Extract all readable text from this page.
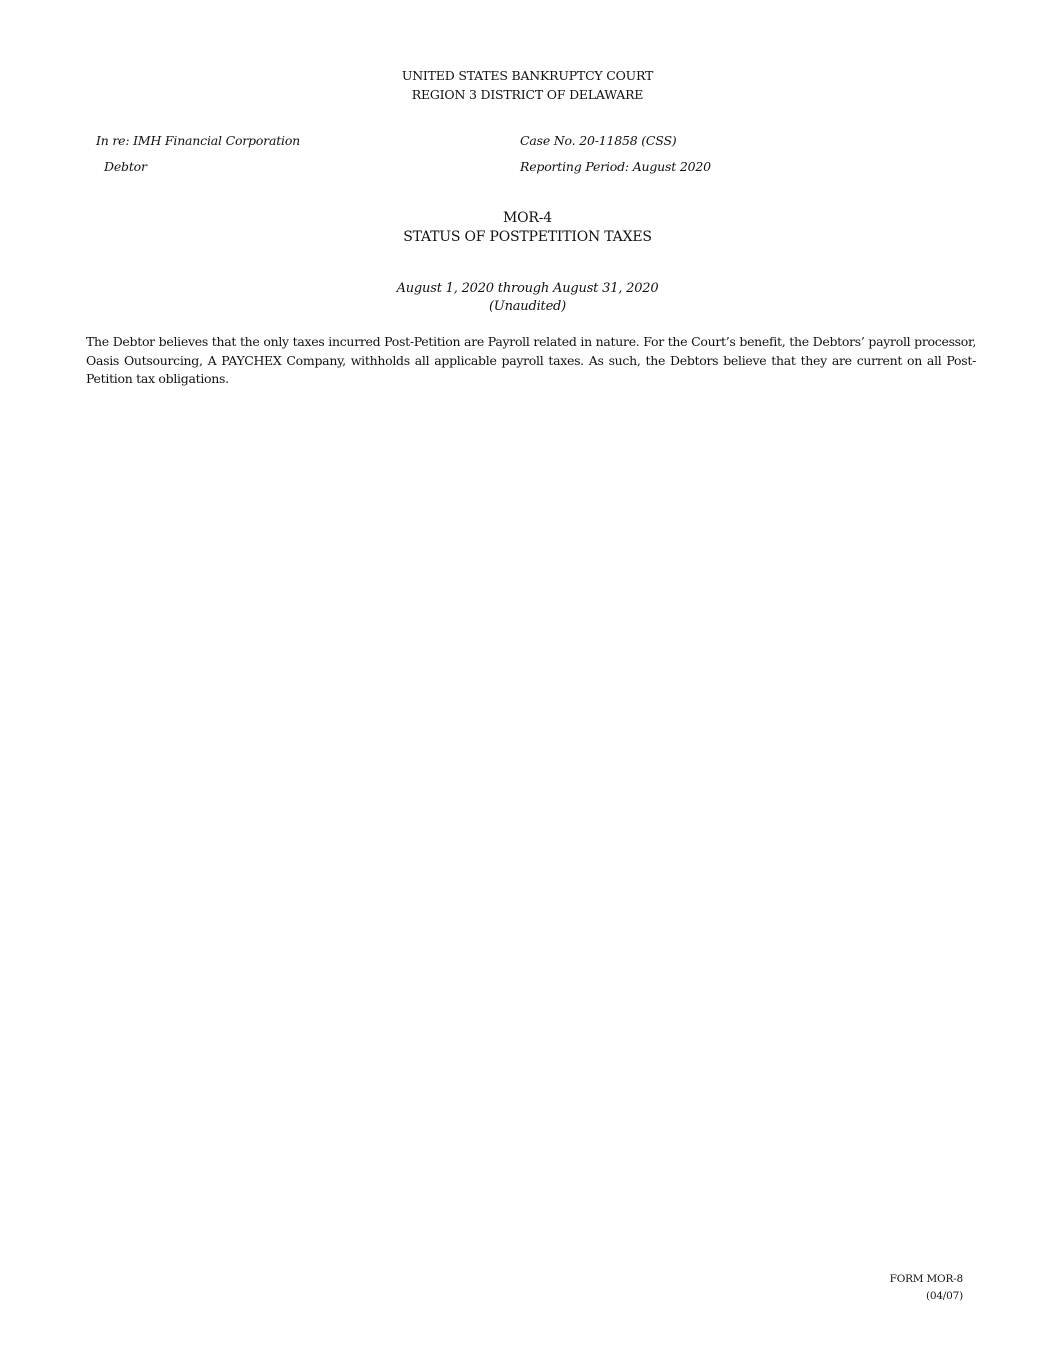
UNITED STATES BANKRUPTCY COURT
REGION 3 DISTRICT OF DELAWARE
In re: IMH Financial Corporation
Debtor
Case No. 20-11858 (CSS)
Reporting Period: August 2020
MOR-4
STATUS OF POSTPETITION TAXES
August 1, 2020 through August 31, 2020
(Unaudited)

The Debtor believes that the only taxes incurred Post-Petition are Payroll related in nature. For the Court’s benefit, the Debtors’ payroll processor, Oasis Outsourcing, A PAYCHEX Company, withholds all applicable payroll taxes. As such, the Debtors believe that they are current on all Post-Petition tax obligations.

FORM MOR-8
(04/07)
